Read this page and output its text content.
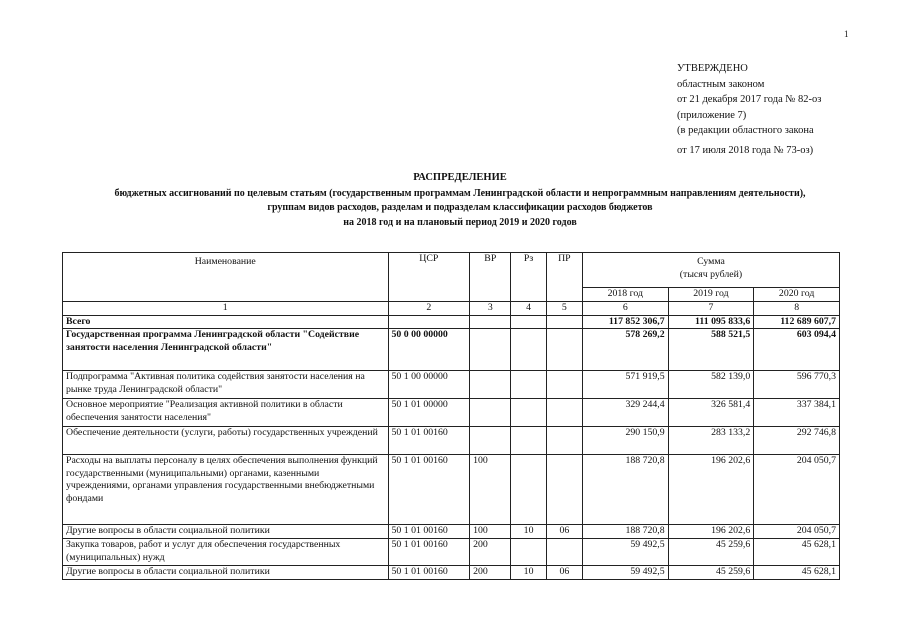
1
УТВЕРЖДЕНО
областным законом
от 21 декабря 2017 года № 82-оз
(приложение 7)
(в редакции областного закона
от 17 июля 2018 года № 73-оз)
РАСПРЕДЕЛЕНИЕ
бюджетных ассигнований по целевым статьям (государственным программам Ленинградской области и непрограммным направлениям деятельности),
группам видов расходов, разделам и подразделам классификации расходов бюджетов
на 2018 год и на плановый период 2019 и 2020 годов
Наименование	ЦСР	ВР	Рз	ПР	Сумма
(тысяч рублей)		

					2018 год	2019 год	2020 год
1	2	3	4	5	6	7	8
Всего					117 852 306,7	111 095 833,6	112 689 607,7
Государственная программа Ленинградской области "Содействие занятости населения Ленинградской области"	50 0 00 00000				578 269,2	588 521,5	603 094,4
Подпрограмма "Активная политика содействия занятости населения на рынке труда Ленинградской области"	50 1 00 00000				571 919,5	582 139,0	596 770,3
Основное мероприятие "Реализация активной политики в области обеспечения занятости населения"	50 1 01 00000				329 244,4	326 581,4	337 384,1
Обеспечение деятельности (услуги, работы) государственных учреждений	50 1 01 00160				290 150,9	283 133,2	292 746,8
Расходы на выплаты персоналу в целях обеспечения выполнения функций государственными (муниципальными) органами, казенными учреждениями, органами управления государственными внебюджетными фондами	50 1 01 00160	100			188 720,8	196 202,6	204 050,7
Другие вопросы в области социальной политики	50 1 01 00160	100	10	06	188 720,8	196 202,6	204 050,7
Закупка товаров, работ и услуг для обеспечения государственных (муниципальных) нужд	50 1 01 00160	200			59 492,5	45 259,6	45 628,1
Другие вопросы в области социальной политики	50 1 01 00160	200	10	06	59 492,5	45 259,6	45 628,1
